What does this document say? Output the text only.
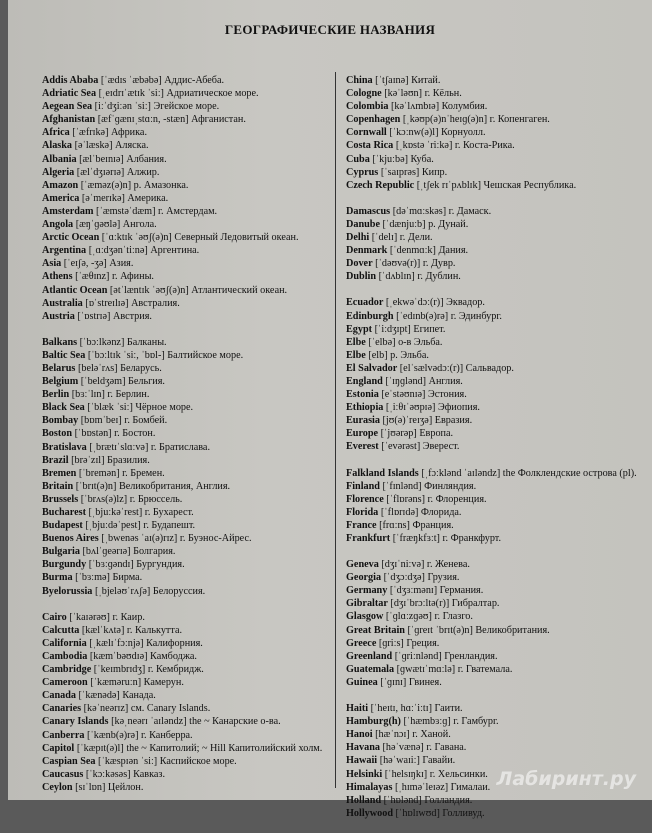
ГЕОГРАФИЧЕСКИЕ НАЗВАНИЯ
Addis Ababa [ˈædɪs ˈæbəbə] Аддис-Абеба.
Adriatic Sea [ˌeɪdrɪˈætɪk ˈsiː] Адриатическое море.
Aegean Sea [iːˈdʒiːən ˈsiː] Эгейское море.
Afghanistan [æfˈɡænɪˌstɑːn, -stæn] Афганистан.
Africa [ˈæfrɪkə] Африка.
Alaska [əˈlæskə] Аляска.
Albania [ælˈbeɪnɪə] Албания.
Algeria [ælˈdʒɪərɪə] Алжир.
Amazon [ˈæməz(ə)n] р. Амазонка.
America [əˈmerɪkə] Америка.
Amsterdam [ˈæmstəˈdæm] г. Амстердам.
Angola [æŋˈɡəʊlə] Ангола.
Arctic Ocean [ˈɑːktɪk ˈəʊʃ(ə)n] Северный Ледовитый океан.
Argentina [ˌɑːdʒənˈtiːnə] Аргентина.
Asia [ˈeɪʃə, -ʒə] Азия.
Athens [ˈæθɪnz] г. Афины.
Atlantic Ocean [ətˈlæntɪk ˈəʊʃ(ə)n] Атлантический океан.
Australia [ɒˈstreɪlɪə] Австралия.
Austria [ˈɒstrɪə] Австрия.
Balkans [ˈbɔːlkənz] Балканы.
Baltic Sea [ˈbɔːltɪk ˈsiː, ˈbɒl-] Балтийское море.
Belarus [beləˈrʌs] Беларусь.
Belgium [ˈbeldʒəm] Бельгия.
Berlin [bɜːˈlɪn] г. Берлин.
Black Sea [ˈblæk ˈsiː] Чёрное море.
Bombay [bɒmˈbeɪ] г. Бомбей.
Boston [ˈbɒstən] г. Бостон.
Bratislava [ˌbrætɪˈslɑːvə] г. Братислава.
Brazil [brəˈzɪl] Бразилия.
Bremen [ˈbremən] г. Бремен.
Britain [ˈbrɪt(ə)n] Великобритания, Англия.
Brussels [ˈbrʌs(ə)lz] г. Брюссель.
Bucharest [ˌbjuːkəˈrest] г. Бухарест.
Budapest [ˌbjuːdəˈpest] г. Будапешт.
Buenos Aires [ˌbwenəs ˈaɪ(ə)rɪz] г. Буэнос-Айрес.
Bulgaria [bʌlˈɡeərɪə] Болгария.
Burgundy [ˈbɜːɡəndɪ] Бургундия.
Burma [ˈbɜːmə] Бирма.
Byelorussia [ˌbjeləʊˈrʌʃə] Белоруссия.
Cairo [ˈkaɪərəʊ] г. Каир.
Calcutta [kælˈkʌtə] г. Калькутта.
California [ˌkælɪˈfɔːnjə] Калифорния.
Cambodia [kæmˈbəʊdɪə] Камбоджа.
Cambridge [ˈkeɪmbrɪdʒ] г. Кембридж.
Cameroon [ˈkæməruːn] Камерун.
Canada [ˈkænədə] Канада.
Canaries [kəˈneərɪz] см. Canary Islands.
Canary Islands [kəˌneərɪ ˈaɪləndz] the ~ Канарские о-ва.
Canberra [ˈkænb(ə)rə] г. Канберра.
Capitol [ˈkæpɪt(ə)l] the ~ Капитолий; ~ Hill Капитолийский холм.
Caspian Sea [ˈkæspɪən ˈsiː] Каспийское море.
Caucasus [ˈkɔːkəsəs] Кавказ.
Ceylon [sɪˈlɒn] Цейлон.
China [ˈtʃaɪnə] Китай.
Cologne [kəˈləʊn] г. Кёльн.
Colombia [kəˈlʌmbɪə] Колумбия.
Copenhagen [ˌkəʊp(ə)nˈheɪɡ(ə)n] г. Копенгаген.
Cornwall [ˈkɔːnw(ə)l] Корнуолл.
Costa Rica [ˌkɒstə ˈriːkə] г. Коста-Рика.
Cuba [ˈkjuːbə] Куба.
Cyprus [ˈsaɪprəs] Кипр.
Czech Republic [ˌtʃek rɪˈpʌblɪk] Чешская Республика.
Damascus [dəˈmɑːskəs] г. Дамаск.
Danube [ˈdænjuːb] р. Дунай.
Delhi [ˈdelɪ] г. Дели.
Denmark [ˈdenmɑːk] Дания.
Dover [ˈdəʊvə(r)] г. Дувр.
Dublin [ˈdʌblɪn] г. Дублин.
Ecuador [ˌekwəˈdɔː(r)] Эквадор.
Edinburgh [ˈedɪnb(ə)rə] г. Эдинбург.
Egypt [ˈiːdʒɪpt] Египет.
Elbe [ˈelbə] о-в Эльба.
Elbe [elb] р. Эльба.
El Salvador [elˈsælvədɔː(r)] Сальвадор.
England [ˈɪŋɡlənd] Англия.
Estonia [eˈstəʊnɪə] Эстония.
Ethiopia [ˌiːθɪˈəʊpɪə] Эфиопия.
Eurasia [jʊ(ə)ˈreɪʒə] Евразия.
Europe [ˈjʊərəp] Европа.
Everest [ˈevərəst] Эверест.
Falkland Islands [ˌfɔːklənd ˈaɪləndz] the Фолклендские острова (pl).
Finland [ˈfɪnlənd] Финляндия.
Florence [ˈflɒrəns] г. Флоренция.
Florida [ˈflɒrɪdə] Флорида.
France [frɑːns] Франция.
Frankfurt [ˈfræŋkfɜːt] г. Франкфурт.
Geneva [dʒɪˈniːvə] г. Женева.
Georgia [ˈdʒɔːdʒə] Грузия.
Germany [ˈdʒɜːmənɪ] Германия.
Gibraltar [dʒɪˈbrɔːltə(r)] Гибралтар.
Glasgow [ˈɡlɑːzɡəʊ] г. Глазго.
Great Britain [ˈɡreɪt ˈbrɪt(ə)n] Великобритания.
Greece [ɡriːs] Греция.
Greenland [ˈɡriːnlənd] Гренландия.
Guatemala [ɡwætɪˈmɑːlə] г. Гватемала.
Guinea [ˈɡɪnɪ] Гвинея.
Haiti [ˈheɪtɪ, hɑːˈiːtɪ] Гаити.
Hamburg(h) [ˈhæmbɜːɡ] г. Гамбург.
Hanoi [hæˈnɔɪ] г. Ханой.
Havana [həˈvænə] г. Гавана.
Hawaii [həˈwaɪiː] Гавайи.
Helsinki [ˈhelsɪŋkɪ] г. Хельсинки.
Himalayas [ˌhɪməˈleɪəz] Гималаи.
Holland [ˈhɒlənd] Голландия.
Hollywood [ˈhɒlɪwʊd] Голливуд.
Лабиринт.ру
